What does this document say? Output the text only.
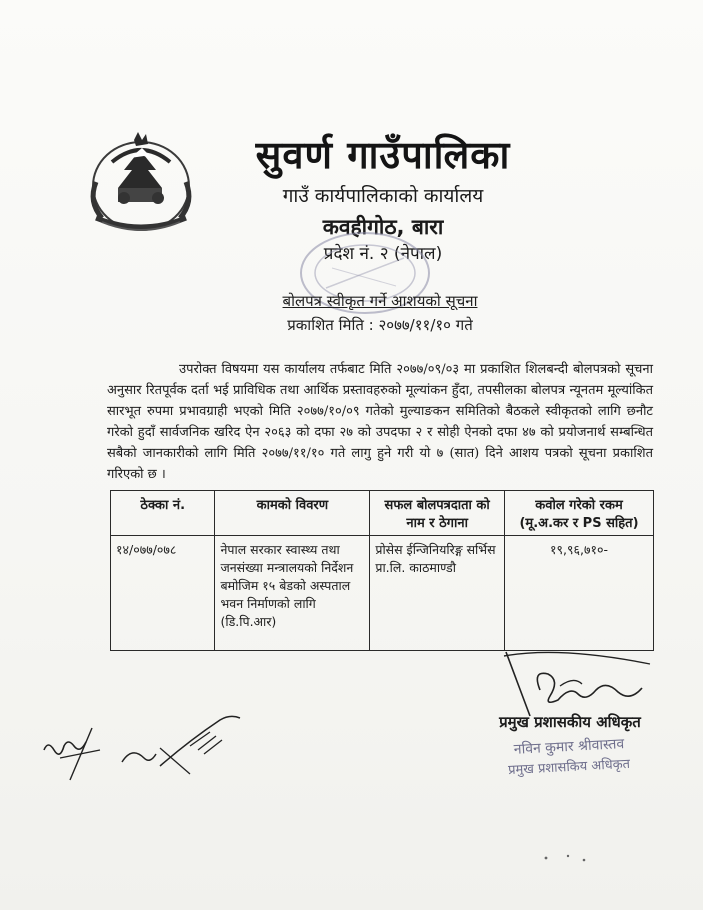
सुवर्ण गाउँपालिका
गाउँ कार्यपालिकाको कार्यालय
कवहीगोठ, बारा
प्रदेश नं. २ (नेपाल)
बोलपत्र स्वीकृत गर्ने आशयको सूचना
प्रकाशित मिति : २०७७/११/१० गते
उपरोक्त विषयमा यस कार्यालय तर्फबाट मिति २०७७/०९/०३ मा प्रकाशित शिलबन्दी बोलपत्रको सूचना अनुसार रितपूर्वक दर्ता भई प्राविधिक तथा आर्थिक प्रस्तावहरुको मूल्यांकन हुँदा, तपसीलका बोलपत्र न्यूनतम मूल्यांकित सारभूत रुपमा प्रभावग्राही भएको मिति २०७७/१०/०९ गतेको मुल्याङकन समितिको बैठकले स्वीकृतको लागि छनौट गरेको हुदाँ सार्वजनिक खरिद ऐन २०६३ को दफा २७ को उपदफा २ र सोही ऐनको दफा ४७ को प्रयोजनार्थ सम्बन्धित सबैको जानकारीको लागि मिति २०७७/११/१० गते लागु हुने गरी यो ७ (सात) दिने आशय पत्रको सूचना प्रकाशित गरिएको छ ।
ठेक्का नं.	कामको विवरण	सफल बोलपत्रदाता को नाम र ठेगाना	कवोल गरेको रकम (मू.अ.कर र PS सहित)
१४/०७७/०७८	नेपाल सरकार स्वास्थ्य तथा जनसंख्या मन्त्रालयको निर्देशन बमोजिम १५ बेडको अस्पताल भवन निर्माणको लागि (डि.पि.आर)	प्रोसेस ईन्जिनियरिङ्ग सर्भिस प्रा.लि. काठमाण्डौ	१९,९६,७१०-
प्रमुख प्रशासकीय अधिकृत
नविन कुमार श्रीवास्तव
प्रमुख प्रशासकिय अधिकृत
